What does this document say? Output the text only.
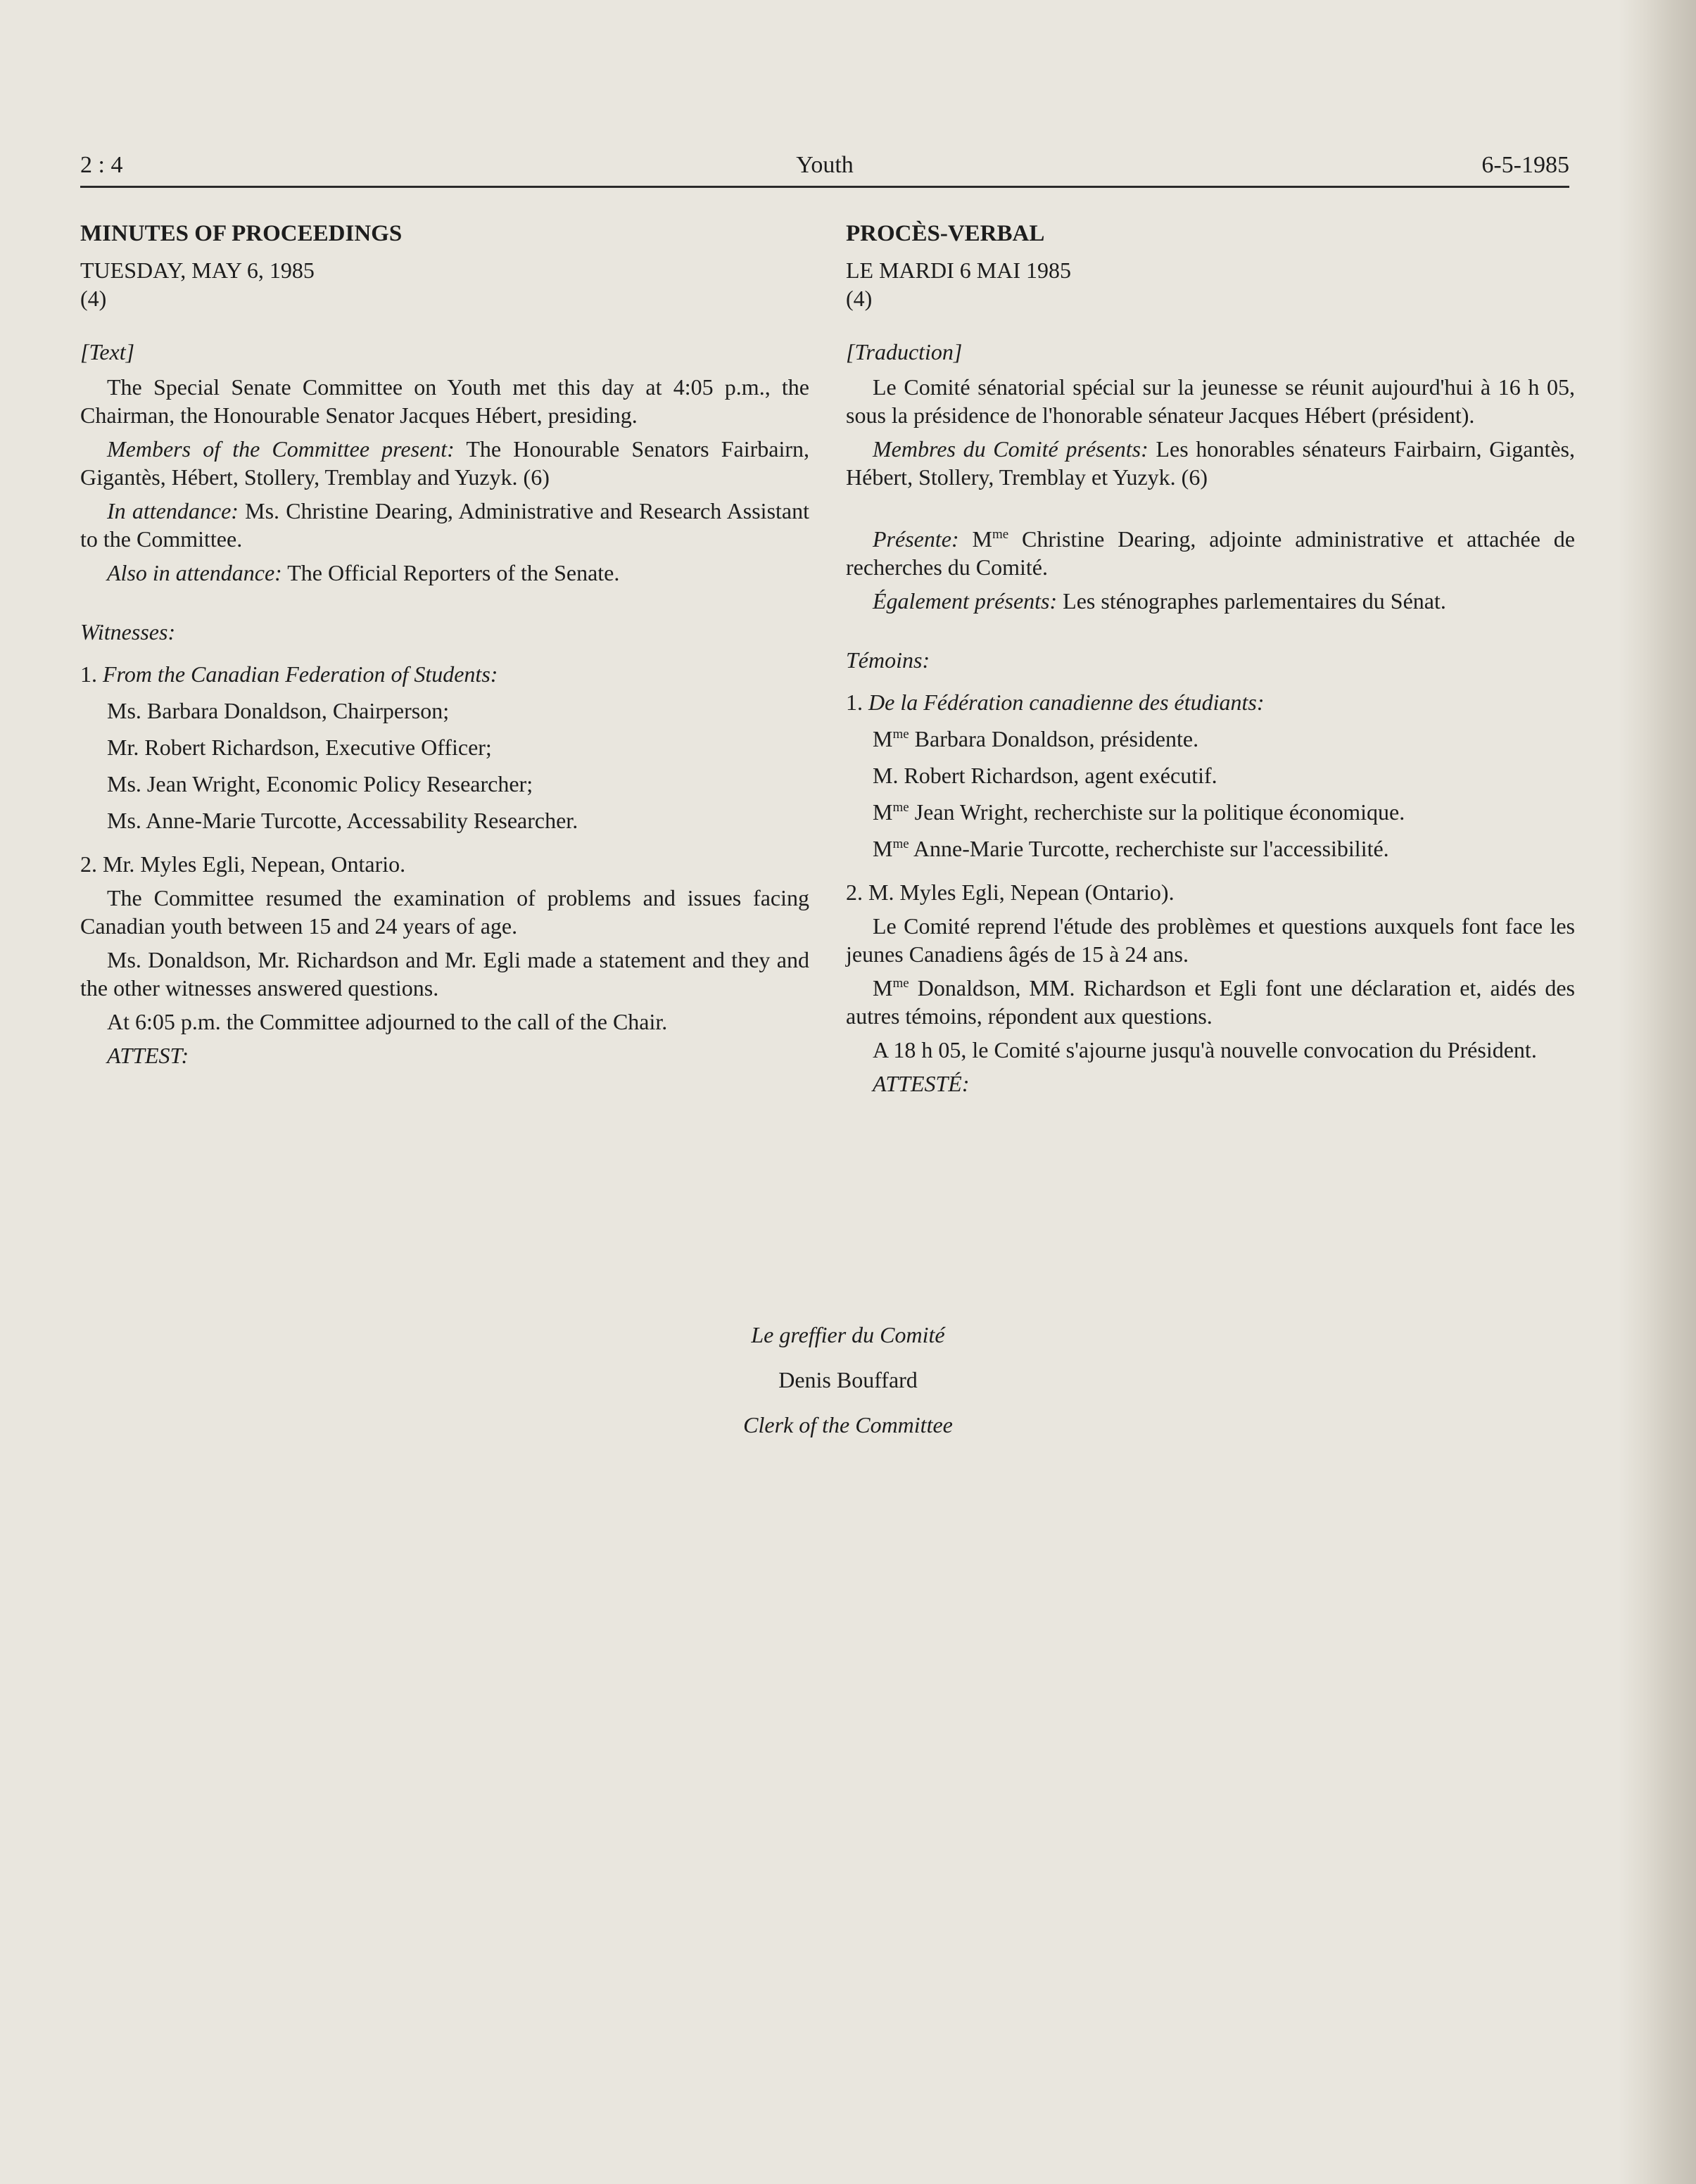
2 : 4	Youth	6-5-1985
MINUTES OF PROCEEDINGS
TUESDAY, MAY 6, 1985
(4)
[Text]

The Special Senate Committee on Youth met this day at 4:05 p.m., the Chairman, the Honourable Senator Jacques Hébert, presiding.

Members of the Committee present: The Honourable Senators Fairbairn, Gigantès, Hébert, Stollery, Tremblay and Yuzyk. (6)

In attendance: Ms. Christine Dearing, Administrative and Research Assistant to the Committee.

Also in attendance: The Official Reporters of the Senate.

Witnesses:
1. From the Canadian Federation of Students:
Ms. Barbara Donaldson, Chairperson;
Mr. Robert Richardson, Executive Officer;
Ms. Jean Wright, Economic Policy Researcher;
Ms. Anne-Marie Turcotte, Accessability Researcher.
2. Mr. Myles Egli, Nepean, Ontario.

The Committee resumed the examination of problems and issues facing Canadian youth between 15 and 24 years of age.

Ms. Donaldson, Mr. Richardson and Mr. Egli made a statement and they and the other witnesses answered questions.

At 6:05 p.m. the Committee adjourned to the call of the Chair.

ATTEST:
PROCÈS-VERBAL
LE MARDI 6 MAI 1985
(4)
[Traduction]

Le Comité sénatorial spécial sur la jeunesse se réunit aujourd'hui à 16 h 05, sous la présidence de l'honorable sénateur Jacques Hébert (président).

Membres du Comité présents: Les honorables sénateurs Fairbairn, Gigantès, Hébert, Stollery, Tremblay et Yuzyk. (6)

Présente: $M^{me}$ Christine Dearing, adjointe administrative et attachée de recherches du Comité.

Également présents: Les sténographes parlementaires du Sénat.

Témoins:
1. De la Fédération canadienne des étudiants:
$M^{me}$ Barbara Donaldson, présidente.
M. Robert Richardson, agent exécutif.
$M^{me}$ Jean Wright, recherchiste sur la politique économique.
$M^{me}$ Anne-Marie Turcotte, recherchiste sur l'accessibilité.
2. M. Myles Egli, Nepean (Ontario).

Le Comité reprend l'étude des problèmes et questions auxquels font face les jeunes Canadiens âgés de 15 à 24 ans.

$M^{me}$ Donaldson, MM. Richardson et Egli font une déclaration et, aidés des autres témoins, répondent aux questions.

A 18 h 05, le Comité s'ajourne jusqu'à nouvelle convocation du Président.

ATTESTÉ:
Le greffier du Comité
Denis Bouffard
Clerk of the Committee
